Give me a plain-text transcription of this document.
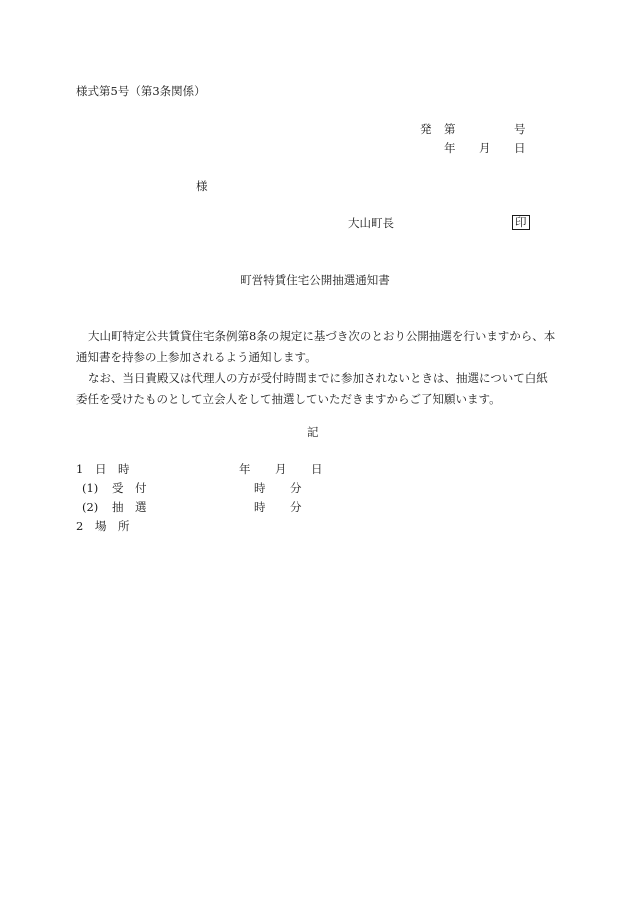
様式第5号（第3条関係）
発 第	号
年 月 日
様
大山町長	印
町営特賃住宅公開抽選通知書

大山町特定公共賃貸住宅条例第8条の規定に基づき次のとおり公開抽選を行いますから、本通知書を持参の上参加されるよう通知します。

なお、当日貴殿又は代理人の方が受付時間までに参加されないときは、抽選について白紙委任を受けたものとして立会人をして抽選していただきますからご了知願います。

記
1 日　時	年 月 日
(1) 受　付	時 分
(2) 抽　選	時 分
2 場　所
